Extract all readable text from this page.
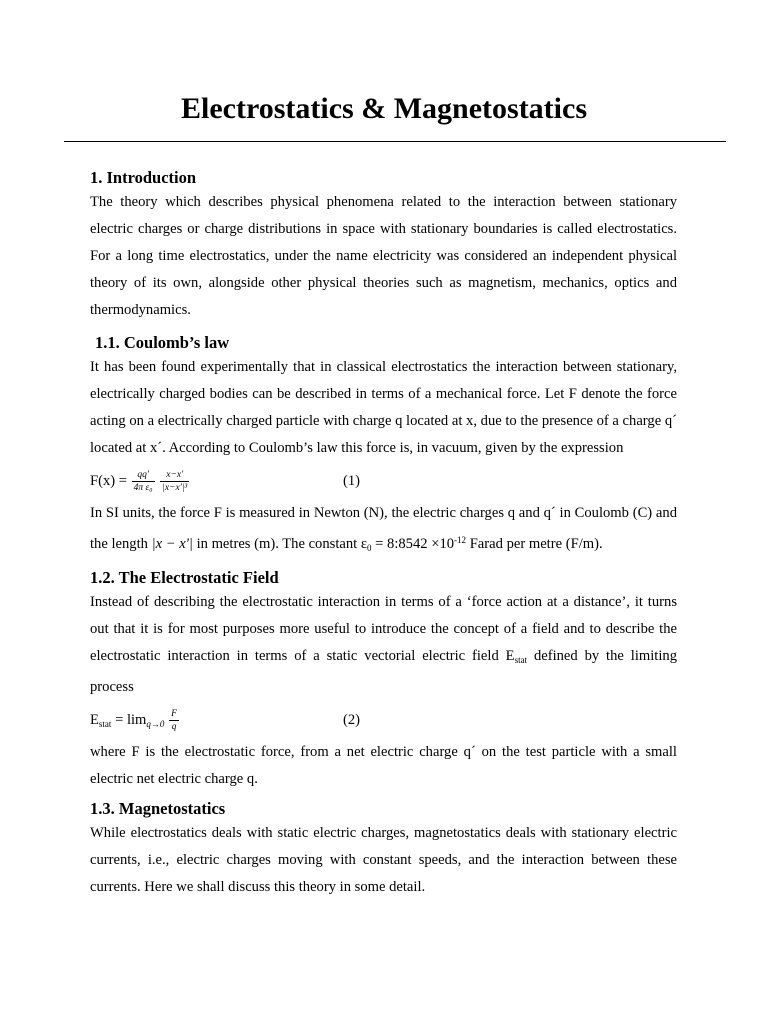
Electrostatics & Magnetostatics
1. Introduction

The theory which describes physical phenomena related to the interaction between stationary electric charges or charge distributions in space with stationary boundaries is called electrostatics. For a long time electrostatics, under the name electricity was considered an independent physical theory of its own, alongside other physical theories such as magnetism, mechanics, optics and thermodynamics.

1.1. Coulomb’s law

It has been found experimentally that in classical electrostatics the interaction between stationary, electrically charged bodies can be described in terms of a mechanical force. Let F denote the force acting on a electrically charged particle with charge q located at x, due to the presence of a charge q´ located at x´. According to Coulomb’s law this force is, in vacuum, given by the expression

$F(x) = \frac{qq'}{\text{4π ε₀}}$
$\frac{x-x'}{\text{|x−x′|³}}$	(1)

In SI units, the force F is measured in Newton (N), the electric charges q and q´ in Coulomb (C) and the length |x − x′| in metres (m). The constant $\varepsilon_0$ = 8:8542 $\times 10^{-12}$ Farad per metre (F/m).

1.2. The Electrostatic Field

Instead of describing the electrostatic interaction in terms of a ‘force action at a distance’, it turns out that it is for most purposes more useful to introduce the concept of a field and to describe the electrostatic interaction in terms of a static vectorial electric field $E_{stat}$ defined by the limiting process

$E_{stat} = \lim_{q\to 0} \frac{F}{q}$	(2)

where F is the electrostatic force, from a net electric charge q´ on the test particle with a small electric net electric charge q.

1.3. Magnetostatics

While electrostatics deals with static electric charges, magnetostatics deals with stationary electric currents, i.e., electric charges moving with constant speeds, and the interaction between these currents. Here we shall discuss this theory in some detail.
